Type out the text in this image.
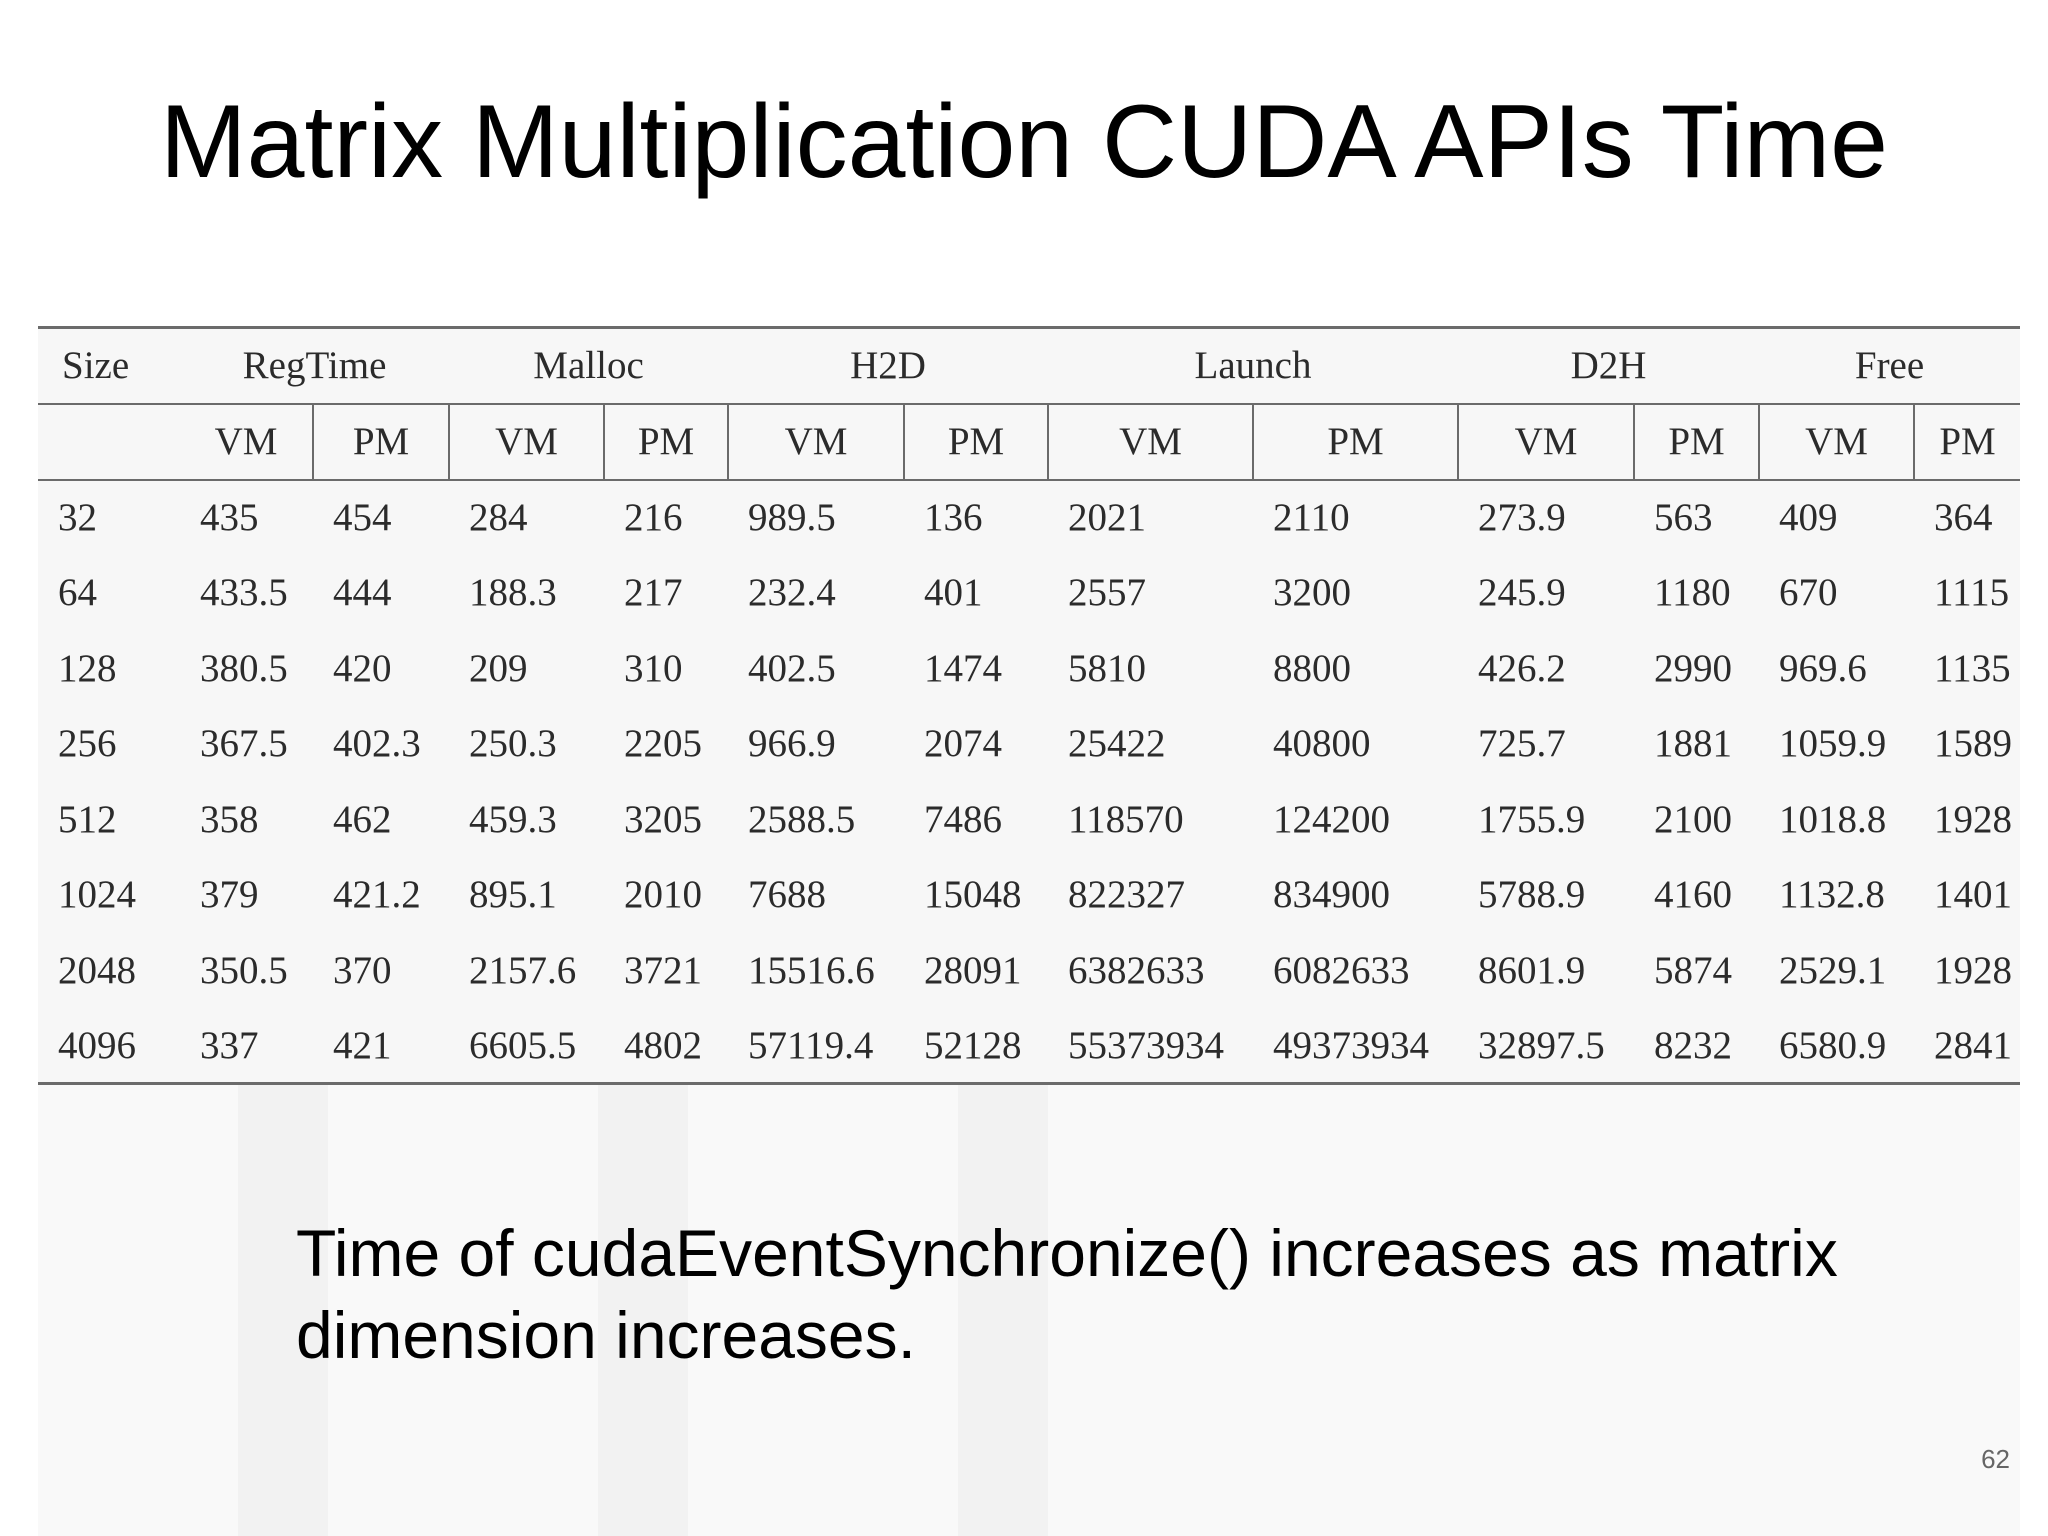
Matrix Multiplication CUDA APIs Time
Size	RegTime		Malloc		H2D		Launch		D2H		Free	
	VM	PM	VM	PM	VM	PM	VM	PM	VM	PM	VM	PM
32	435	454	284	216	989.5	136	2021	2110	273.9	563	409	364
64	433.5	444	188.3	217	232.4	401	2557	3200	245.9	1180	670	1115
128	380.5	420	209	310	402.5	1474	5810	8800	426.2	2990	969.6	1135
256	367.5	402.3	250.3	2205	966.9	2074	25422	40800	725.7	1881	1059.9	1589
512	358	462	459.3	3205	2588.5	7486	118570	124200	1755.9	2100	1018.8	1928
1024	379	421.2	895.1	2010	7688	15048	822327	834900	5788.9	4160	1132.8	1401
2048	350.5	370	2157.6	3721	15516.6	28091	6382633	6082633	8601.9	5874	2529.1	1928
4096	337	421	6605.5	4802	57119.4	52128	55373934	49373934	32897.5	8232	6580.9	2841
Time of cudaEventSynchronize() increases as matrix dimension increases.
62
